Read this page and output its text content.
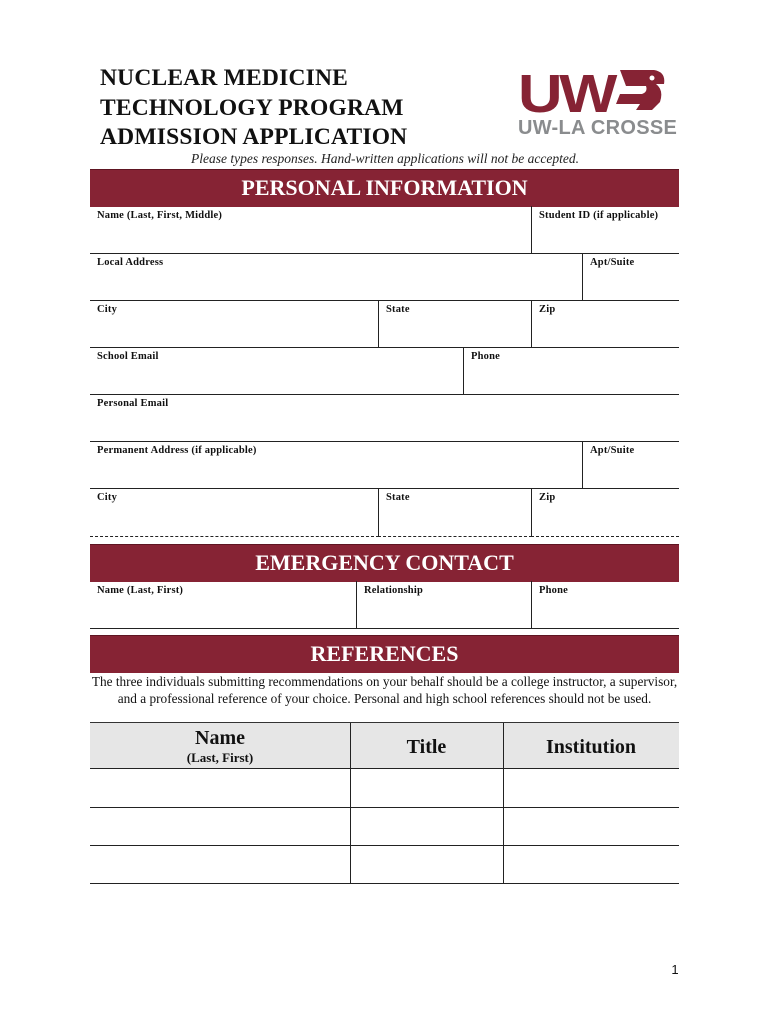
NUCLEAR MEDICINE
TECHNOLOGY PROGRAM
ADMISSION APPLICATION
UW
UW-LA CROSSE
Please types responses. Hand-written applications will not be accepted.
PERSONAL INFORMATION
Name (Last, First, Middle)	Student ID (if applicable)
Local Address	Apt/Suite
City	State	Zip
School Email	Phone
Personal Email
Permanent Address (if applicable)	Apt/Suite
City	State	Zip
EMERGENCY CONTACT
Name (Last, First)	Relationship	Phone
REFERENCES
The three individuals submitting recommendations on your behalf should be a college instructor, a supervisor, and a professional reference of your choice. Personal and high school references should not be used.
Name
(Last, First)	Title	Institution
1
